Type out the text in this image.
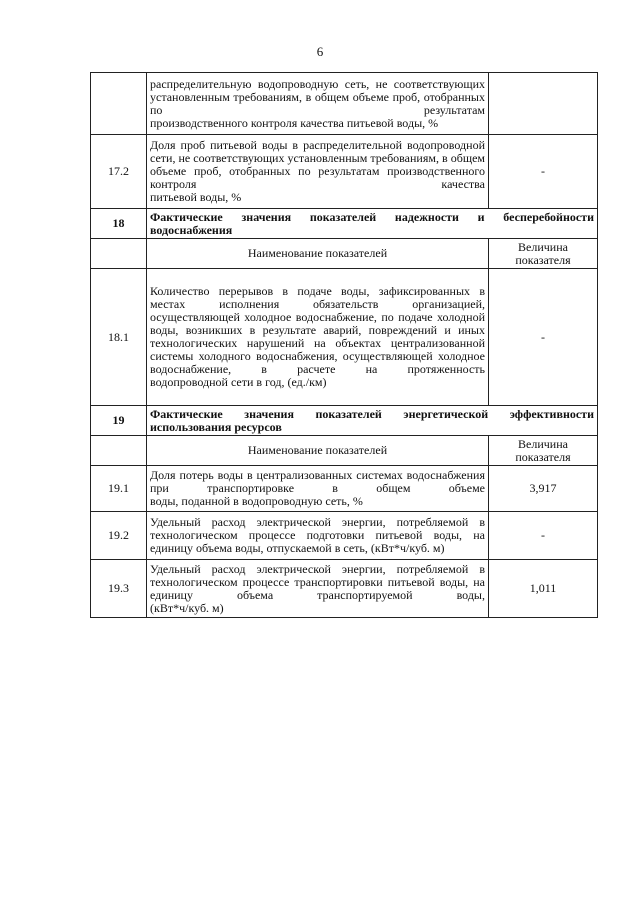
6

	распределительную водопроводную сеть, не соответствующих установленным требованиям, в общем объеме проб, отобранных по результатам
производственного контроля качества питьевой воды, %	

17.2	Доля проб питьевой воды в распределительной водопроводной сети, не соответствующих установленным требованиям, в общем объеме проб, отобранных по результатам производственного контроля качества
питьевой воды, %	-
18	Фактические значения показателей надежности и бесперебойности водоснабжения	
	Наименование показателей	Величина показателя
18.1	Количество перерывов в подаче воды, зафиксированных в местах исполнения обязательств организацией, осуществляющей холодное водоснабжение, по подаче холодной воды, возникших в результате аварий, повреждений и иных технологических нарушений на объектах централизованной системы холодного водоснабжения, осуществляющей холодное водоснабжение, в расчете на протяженность
водопроводной сети в год, (ед./км)	-
19	Фактические значения показателей энергетической эффективности использования ресурсов	
	Наименование показателей	Величина показателя
19.1	Доля потерь воды в централизованных системах водоснабжения при транспортировке в общем объеме
воды, поданной в водопроводную сеть, %	3,917
19.2	Удельный расход электрической энергии, потребляемой в технологическом процессе подготовки питьевой воды, на
единицу объема воды, отпускаемой в сеть, (кВт*ч/куб. м)	-
19.3	Удельный расход электрической энергии, потребляемой в технологическом процессе транспортировки питьевой воды, на единицу объема транспортируемой воды,
(кВт*ч/куб. м)	1,011
